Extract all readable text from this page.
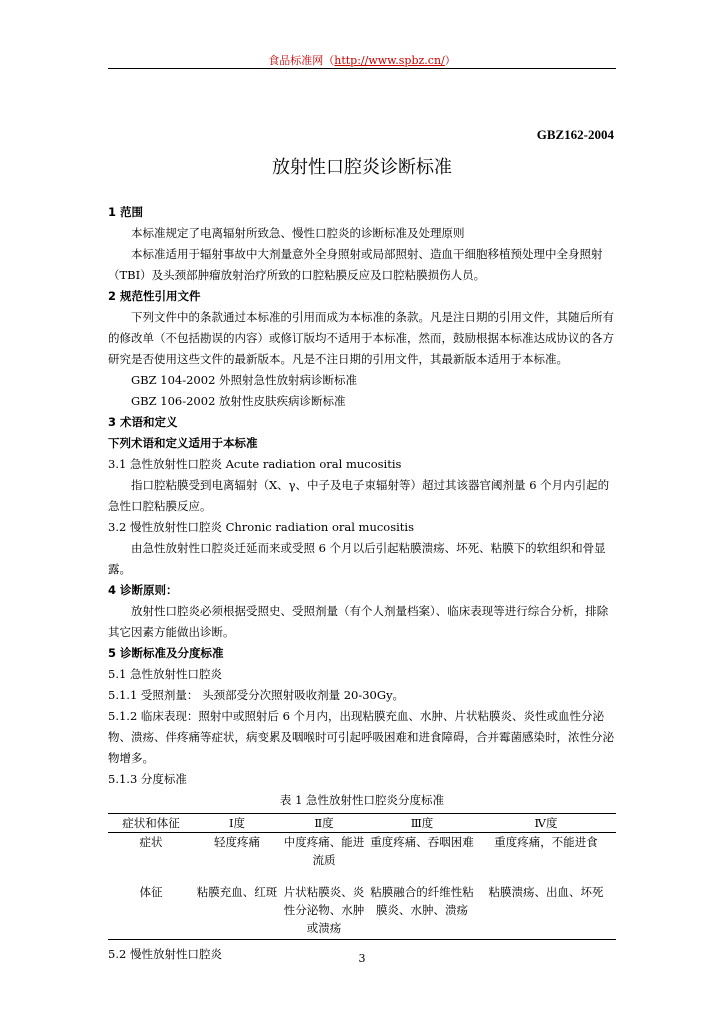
食品标准网（http://www.spbz.cn/）
GBZ162-2004
放射性口腔炎诊断标准

1 范围

本标准规定了电离辐射所致急、慢性口腔炎的诊断标准及处理原则

本标准适用于辐射事故中大剂量意外全身照射或局部照射、造血干细胞移植预处理中全身照射（TBI）及头颈部肿瘤放射治疗所致的口腔粘膜反应及口腔粘膜损伤人员。

2 规范性引用文件

下列文件中的条款通过本标准的引用而成为本标准的条款。凡是注日期的引用文件，其随后所有的修改单（不包括勘误的内容）或修订版均不适用于本标准，然而，鼓励根据本标准达成协议的各方研究是否使用这些文件的最新版本。凡是不注日期的引用文件，其最新版本适用于本标准。

GBZ 104-2002 外照射急性放射病诊断标准

GBZ 106-2002 放射性皮肤疾病诊断标准

3 术语和定义

下列术语和定义适用于本标准

3.1 急性放射性口腔炎 Acute radiation oral mucositis

指口腔粘膜受到电离辐射（X、γ、中子及电子束辐射等）超过其该器官阈剂量 6 个月内引起的急性口腔粘膜反应。

3.2 慢性放射性口腔炎 Chronic radiation oral mucositis

由急性放射性口腔炎迁延而来或受照 6 个月以后引起粘膜溃疡、坏死、粘膜下的软组织和骨显露。

4 诊断原则：

放射性口腔炎必须根据受照史、受照剂量（有个人剂量档案）、临床表现等进行综合分析，排除其它因素方能做出诊断。

5 诊断标准及分度标准

5.1 急性放射性口腔炎

5.1.1 受照剂量： 头颈部受分次照射吸收剂量 20-30Gy。

5.1.2 临床表现：照射中或照射后 6 个月内，出现粘膜充血、水肿、片状粘膜炎、炎性或血性分泌物、溃疡、伴疼痛等症状，病变累及咽喉时可引起呼吸困难和进食障碍，合并霉菌感染时，浓性分泌物增多。

5.1.3 分度标准

表 1 急性放射性口腔炎分度标准

症状和体征	Ⅰ度	Ⅱ度	Ⅲ度	Ⅳ度
症状	轻度疼痛	中度疼痛、能进流质	重度疼痛、吞咽困难	重度疼痛，不能进食
体征	粘膜充血、红斑	片状粘膜炎、炎性分泌物、水肿或溃疡	粘膜融合的纤维性粘膜炎、水肿、溃疡	粘膜溃疡、出血、坏死

5.2 慢性放射性口腔炎	3
